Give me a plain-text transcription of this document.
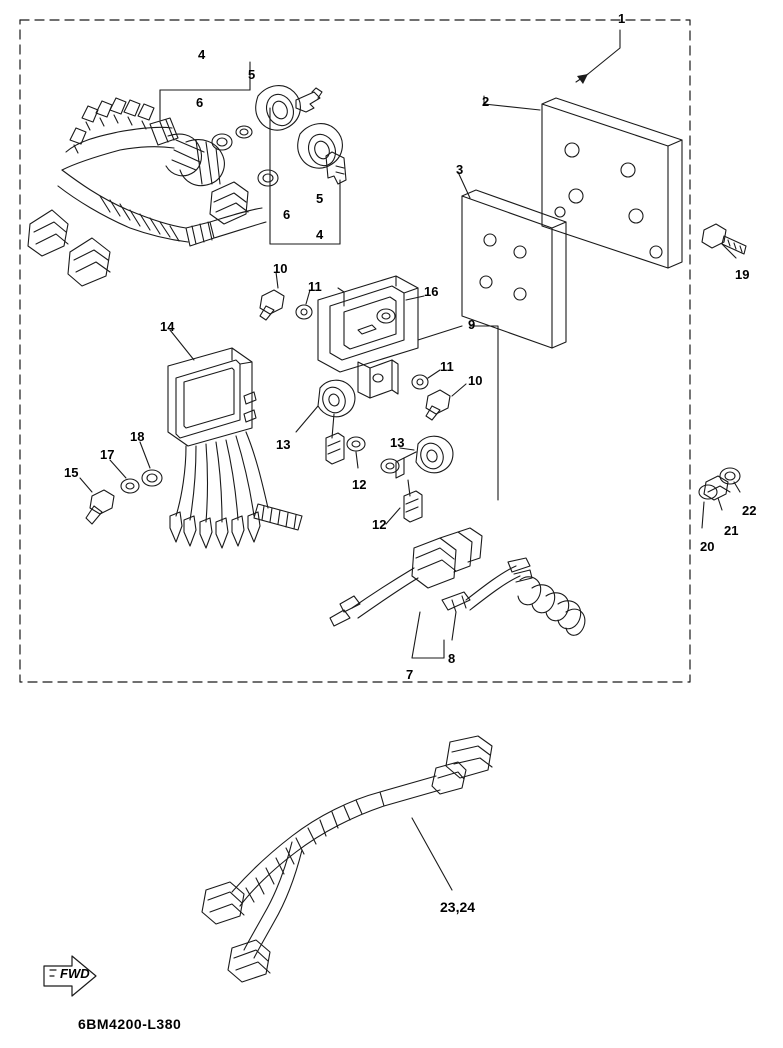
1
4
5
6	2
3
5
6
4
19
10
11	16
9
14
11
10
18
13	13
17
15
12
22
21
12
20
7
8
23,24
FWD
6BM4200-L380
